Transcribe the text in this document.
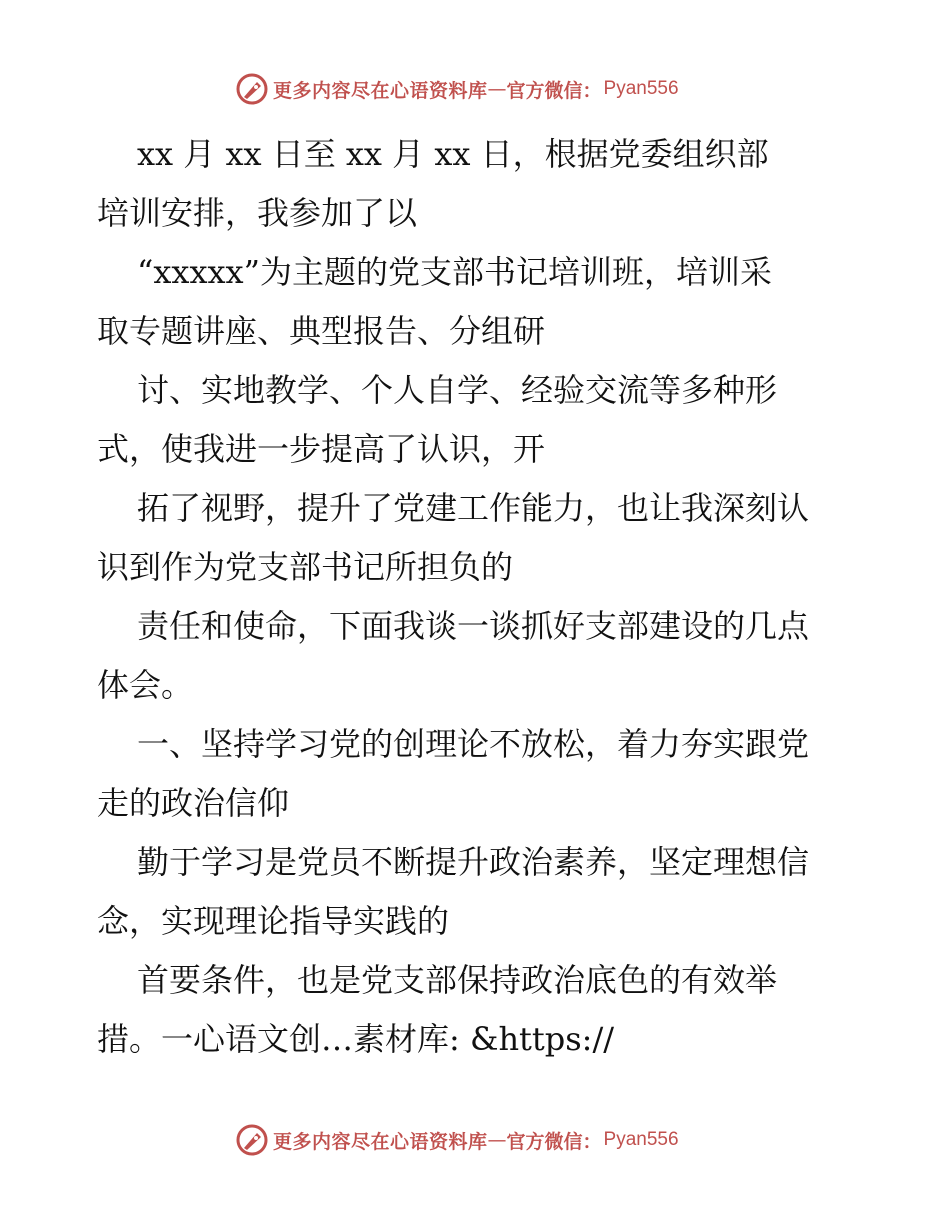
更多内容尽在心语资料库 — 官方微信： Pyan556
xx 月 xx 日至 xx 月 xx 日，根据党委组织部
培训安排，我参加了以
“xxxxx”为主题的党支部书记培训班，培训采
取专题讲座、典型报告、分组研
讨、实地教学、个人自学、经验交流等多种形
式，使我进一步提高了认识，开
拓了视野，提升了党建工作能力，也让我深刻认
识到作为党支部书记所担负的
责任和使命，下面我谈一谈抓好支部建设的几点
体会。
一、坚持学习党的创理论不放松，着力夯实跟党
走的政治信仰
勤于学习是党员不断提升政治素养，坚定理想信
念，实现理论指导实践的
首要条件，也是党支部保持政治底色的有效举
措。一心语文创…素材库: &https://
更多内容尽在心语资料库 — 官方微信： Pyan556
